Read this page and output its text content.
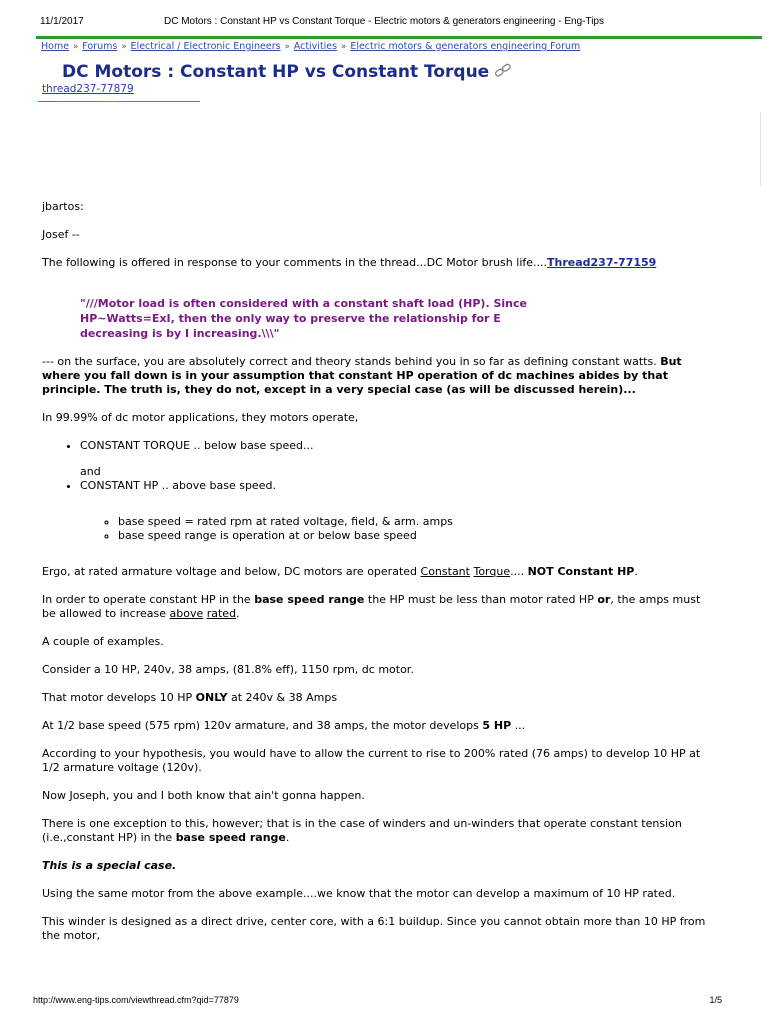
11/1/2017	DC Motors : Constant HP vs Constant Torque - Electric motors & generators engineering - Eng-Tips
Home » Forums » Electrical / Electronic Engineers » Activities » Electric motors & generators engineering Forum
DC Motors : Constant HP vs Constant Torque
thread237-77879

jbartos:

Josef --

The following is offered in response to your comments in the thread...DC Motor brush life....Thread237-77159

"///Motor load is often considered with a constant shaft load (HP). Since HP~Watts=ExI, then the only way to preserve the relationship for E decreasing is by I increasing.\\\"

--- on the surface, you are absolutely correct and theory stands behind you in so far as defining constant watts. But where you fall down is in your assumption that constant HP operation of dc machines abides by that principle. The truth is, they do not, except in a very special case (as will be discussed herein)...

In 99.99% of dc motor applications, they motors operate,

• CONSTANT TORQUE .. below base speed...

and

• CONSTANT HP .. above base speed.
◦ base speed = rated rpm at rated voltage, field, & arm. amps
◦ base speed range is operation at or below base speed

Ergo, at rated armature voltage and below, DC motors are operated Constant Torque.... NOT Constant HP.

In order to operate constant HP in the base speed range the HP must be less than motor rated HP or, the amps must be allowed to increase above rated.

A couple of examples.

Consider a 10 HP, 240v, 38 amps, (81.8% eff), 1150 rpm, dc motor.

That motor develops 10 HP ONLY at 240v & 38 Amps

At 1/2 base speed (575 rpm) 120v armature, and 38 amps, the motor develops 5 HP ...

According to your hypothesis, you would have to allow the current to rise to 200% rated (76 amps) to develop 10 HP at 1/2 armature voltage (120v).

Now Joseph, you and I both know that ain't gonna happen.

There is one exception to this, however; that is in the case of winders and un-winders that operate constant tension (i.e.,constant HP) in the base speed range.

This is a special case.

Using the same motor from the above example....we know that the motor can develop a maximum of 10 HP rated.

This winder is designed as a direct drive, center core, with a 6:1 buildup. Since you cannot obtain more than 10 HP from the motor,

http://www.eng-tips.com/viewthread.cfm?qid=77879	1/5
